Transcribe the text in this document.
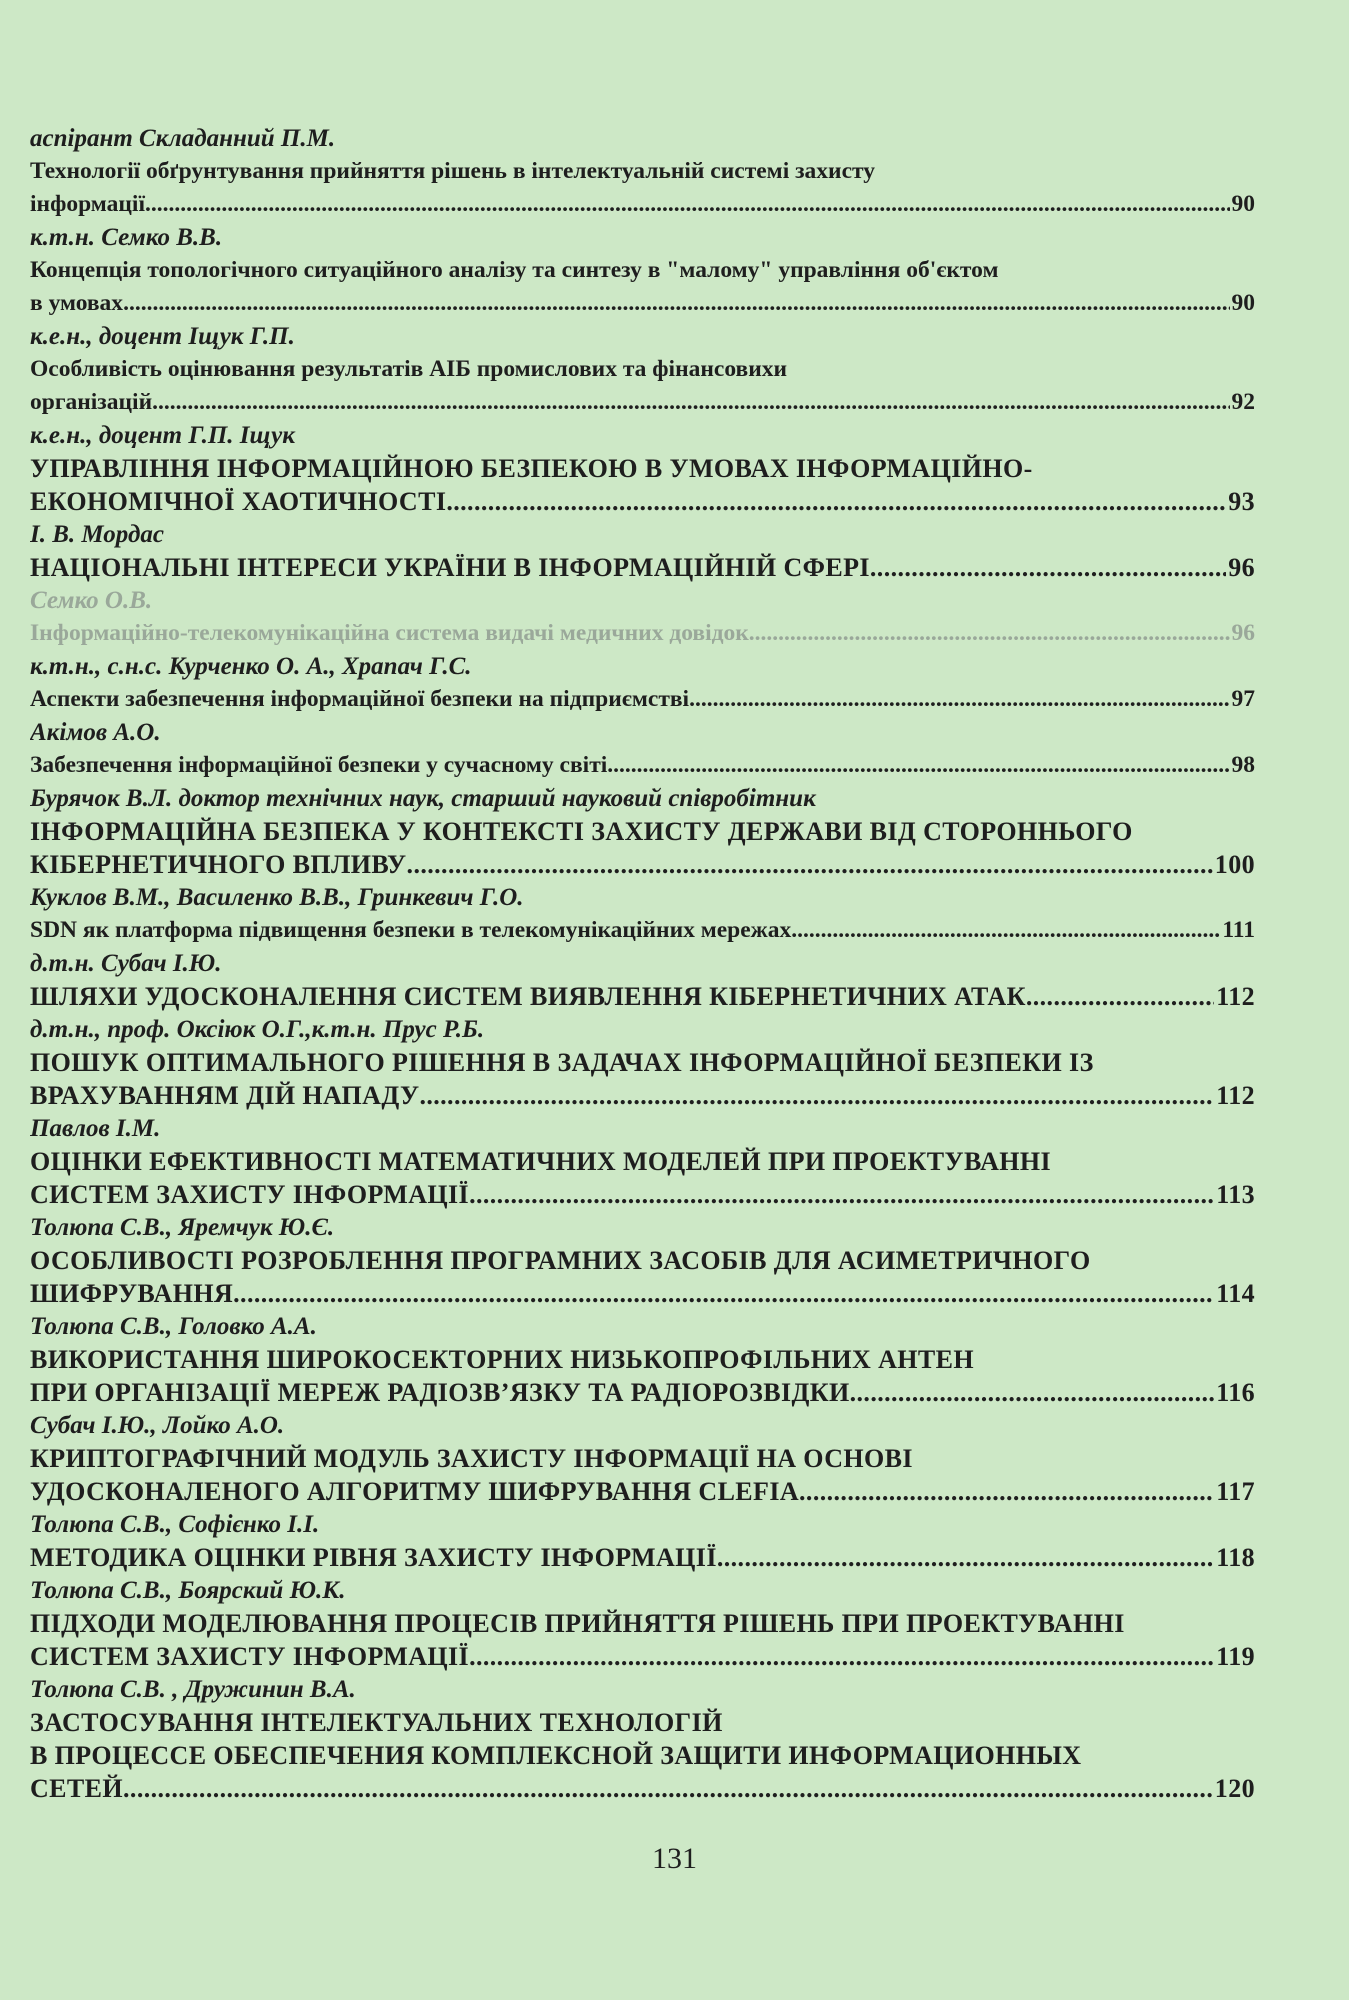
аспірант Складанний П.М.
Технології обґрунтування прийняття рішень в інтелектуальній системі захисту
інформації .....	90
к.т.н. Семко В.В.
Концепція топологічного ситуаційного аналізу та синтезу в "малому" управління об'єктом
в умовах .....	90
к.е.н., доцент Іщук Г.П.
Особливість оцінювання результатів АІБ промислових та фінансовихи
організацій .....	92
к.е.н., доцент Г.П. Іщук
УПРАВЛІННЯ ІНФОРМАЦІЙНОЮ БЕЗПЕКОЮ В УМОВАХ ІНФОРМАЦІЙНО-
ЕКОНОМІЧНОЇ ХАОТИЧНОСТІ .....	93
І. В. Мордас
НАЦІОНАЛЬНІ ІНТЕРЕСИ УКРАЇНИ В ІНФОРМАЦІЙНІЙ СФЕРІ .....	96
Семко О.В.
Інформаційно-телекомунікаційна система видачі медичних довідок .....	96
к.т.н., с.н.с. Курченко О. А., Храпач Г.С.
Аспекти забезпечення інформаційної безпеки на підприємстві .....	97
Акімов А.О.
Забезпечення інформаційної безпеки у сучасному світі .....	98
Бурячок В.Л. доктор технічних наук, старший науковий співробітник
ІНФОРМАЦІЙНА БЕЗПЕКА У КОНТЕКСТІ ЗАХИСТУ ДЕРЖАВИ ВІД СТОРОННЬОГО
КІБЕРНЕТИЧНОГО ВПЛИВУ .....	100
Куклов В.М., Василенко В.В., Гринкевич Г.О.
SDN як платформа підвищення безпеки в телекомунікаційних мережах .....	111
д.т.н. Субач І.Ю.
ШЛЯХИ УДОСКОНАЛЕННЯ СИСТЕМ ВИЯВЛЕННЯ КІБЕРНЕТИЧНИХ АТАК .....	112
д.т.н., проф. Оксіюк О.Г.,к.т.н. Прус Р.Б.
ПОШУК ОПТИМАЛЬНОГО РІШЕННЯ В ЗАДАЧАХ ІНФОРМАЦІЙНОЇ БЕЗПЕКИ ІЗ
ВРАХУВАННЯМ ДІЙ НАПАДУ .....	112
Павлов І.М.
ОЦІНКИ ЕФЕКТИВНОСТІ МАТЕМАТИЧНИХ МОДЕЛЕЙ ПРИ ПРОЕКТУВАННІ
СИСТЕМ ЗАХИСТУ ІНФОРМАЦІЇ .....	113
Толюпа С.В., Яремчук Ю.Є.
ОСОБЛИВОСТІ РОЗРОБЛЕННЯ ПРОГРАМНИХ ЗАСОБІВ ДЛЯ АСИМЕТРИЧНОГО
ШИФРУВАННЯ .....	114
Толюпа С.В., Головко А.А.
ВИКОРИСТАННЯ ШИРОКОСЕКТОРНИХ НИЗЬКОПРОФІЛЬНИХ АНТЕН
ПРИ ОРГАНІЗАЦІЇ МЕРЕЖ РАДІОЗВ’ЯЗКУ ТА РАДІОРОЗВІДКИ .....	116
Субач І.Ю., Лойко А.О.
КРИПТОГРАФІЧНИЙ МОДУЛЬ ЗАХИСТУ ІНФОРМАЦІЇ НА ОСНОВІ
УДОСКОНАЛЕНОГО АЛГОРИТМУ ШИФРУВАННЯ CLEFIA .....	117
Толюпа С.В., Софієнко І.І.
МЕТОДИКА ОЦІНКИ РІВНЯ ЗАХИСТУ ІНФОРМАЦІЇ .....	118
Толюпа С.В., Боярский Ю.К.
ПІДХОДИ МОДЕЛЮВАННЯ ПРОЦЕСІВ ПРИЙНЯТТЯ РІШЕНЬ ПРИ ПРОЕКТУВАННІ
СИСТЕМ ЗАХИСТУ ІНФОРМАЦІЇ .....	119
Толюпа С.В. , Дружинин В.А.
ЗАСТОСУВАННЯ ІНТЕЛЕКТУАЛЬНИХ ТЕХНОЛОГІЙ
В ПРОЦЕССЕ ОБЕСПЕЧЕНИЯ КОМПЛЕКСНОЙ ЗАЩИТИ ИНФОРМАЦИОННЫХ
СЕТЕЙ .....	120
131
